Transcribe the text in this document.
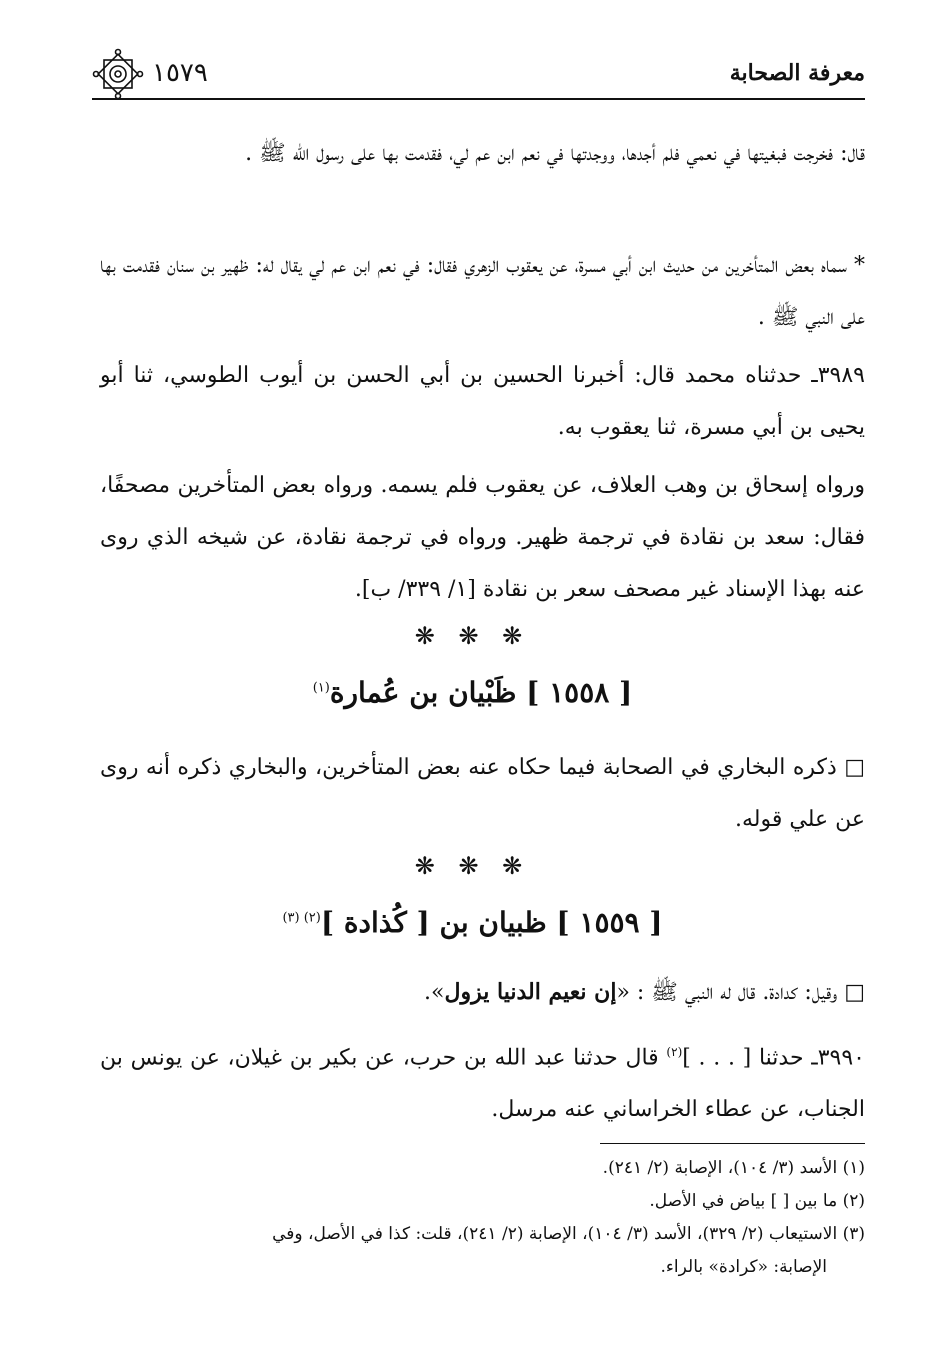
معرفة الصحابة
١٥٧٩

قال: فخرجت فبغيتها في نعمي فلم أجدها، ووجدتها في نعم ابن عم لي، فقدمت بها على رسول الله ﷺ .

* سماه بعض المتأخرين من حديث ابن أبي مسرة، عن يعقوب الزهري فقال: في نعم ابن عم لي يقال له: ظهير بن سنان فقدمت بها على النبي ﷺ .

٣٩٨٩ـ حدثناه محمد قال: أخبرنا الحسين بن أبي الحسن بن أيوب الطوسي، ثنا أبو يحيى بن أبي مسرة، ثنا يعقوب به.

ورواه إسحاق بن وهب العلاف، عن يعقوب فلم يسمه. ورواه بعض المتأخرين مصحفًا، فقال: سعد بن نقادة في ترجمة ظهير. ورواه في ترجمة نقادة، عن شيخه الذي روى عنه بهذا الإسناد غير مصحف سعر بن نقادة [١/ ٣٣٩/ ب].

❋ ❋ ❋
[ ١٥٥٨ ] ظَبْيان بن عُمارة$^{(١)}$

□ ذكره البخاري في الصحابة فيما حكاه عنه بعض المتأخرين، والبخاري ذكره أنه روى عن علي قوله.

❋ ❋ ❋
[ ١٥٥٩ ] ظبيان بن [ كُذادة ]$^{(٢) (٣)}$

□ وقيل: كدادة. قال له النبي ﷺ : «إن نعيم الدنيا يزول».

٣٩٩٠ـ حدثنا [ . . . ]$^{(٢)}$ قال حدثنا عبد الله بن حرب، عن بكير بن غيلان، عن يونس بن الجناب، عن عطاء الخراساني عنه مرسل.

(١) الأسد (٣/ ١٠٤)، الإصابة (٢/ ٢٤١).

(٢) ما بين [ ] بياض في الأصل.

(٣) الاستيعاب (٢/ ٣٢٩)، الأسد (٣/ ١٠٤)، الإصابة (٢/ ٢٤١)، قلت: كذا في الأصل، وفي

الإصابة: «كرادة» بالراء.
